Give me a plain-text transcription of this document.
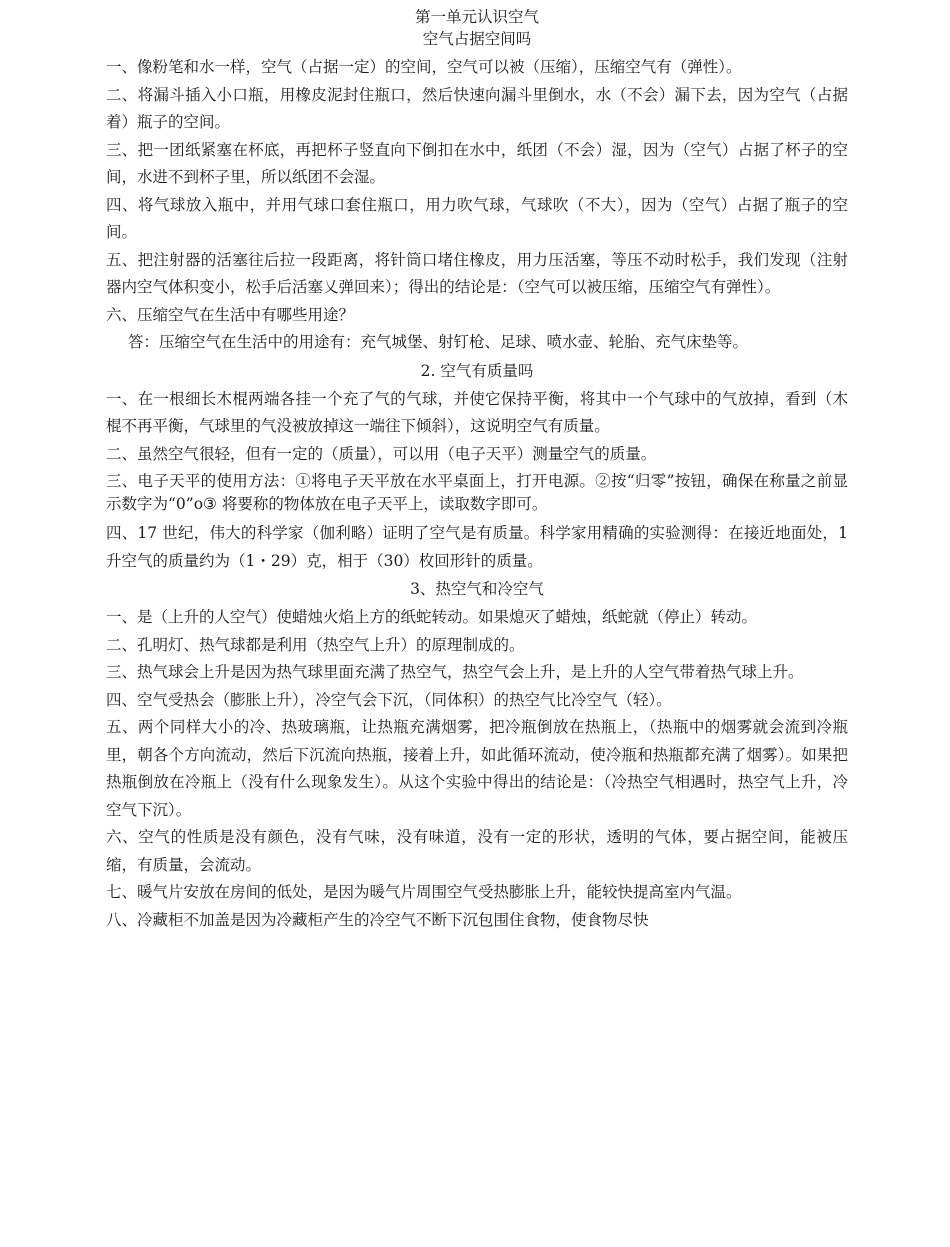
第一单元认识空气

空气占据空间吗

一、像粉笔和水一样，空气（占据一定）的空间，空气可以被（压缩），压缩空气有（弹性）。

二、将漏斗插入小口瓶，用橡皮泥封住瓶口，然后快速向漏斗里倒水，水（不会）漏下去，因为空气（占据着）瓶子的空间。

三、把一团纸紧塞在杯底，再把杯子竖直向下倒扣在水中，纸团（不会）湿，因为（空气）占据了杯子的空间，水进不到杯子里，所以纸团不会湿。

四、将气球放入瓶中，并用气球口套住瓶口，用力吹气球，气球吹（不大），因为（空气）占据了瓶子的空间。

五、把注射器的活塞往后拉一段距离，将针筒口堵住橡皮，用力压活塞，等压不动时松手，我们发现（注射器内空气体积变小，松手后活塞乂弹回来）；得出的结论是：（空气可以被压缩，压缩空气有弹性）。

六、压缩空气在生活中有哪些用途？

答：压缩空气在生活中的用途有：充气城堡、射钉枪、足球、喷水壶、轮胎、充气床垫等。

2. 空气有质量吗

一、在一根细长木棍两端各挂一个充了气的气球，并使它保持平衡，将其中一个气球中的气放掉，看到（木棍不再平衡，气球里的气没被放掉这一端往下倾斜），这说明空气有质量。

二、虽然空气很轻，但有一定的（质量），可以用（电子天平）测量空气的质量。

三、电子天平的使用方法：①将电子天平放在水平桌面上，打开电源。②按“归零”按钮，确保在称量之前显示数字为“0”o③ 将要称的物体放在电子天平上，读取数字即可。

四、17 世纪，伟大的科学家（伽利略）证明了空气是有质量。科学家用精确的实验测得：在接近地面处，1 升空气的质量约为（1・29）克，相于（30）枚回形针的质量。

3、热空气和冷空气

一、是（上升的人空气）使蜡烛火焰上方的纸蛇转动。如果熄灭了蜡烛，纸蛇就（停止）转动。

二、孔明灯、热气球都是利用（热空气上升）的原理制成的。

三、热气球会上升是因为热气球里面充满了热空气，热空气会上升，是上升的人空气带着热气球上升。

四、空气受热会（膨胀上升），冷空气会下沉，（同体积）的热空气比冷空气（轻）。

五、两个同样大小的冷、热玻璃瓶，让热瓶充满烟雾，把冷瓶倒放在热瓶上，（热瓶中的烟雾就会流到冷瓶里，朝各个方向流动，然后下沉流向热瓶，接着上升，如此循环流动，使冷瓶和热瓶都充满了烟雾）。如果把热瓶倒放在冷瓶上（没有什么现象发生）。从这个实验中得出的结论是：（冷热空气相遇时，热空气上升，冷空气下沉）。

六、空气的性质是没有颜色，没有气味，没有味道，没有一定的形状，透明的气体，要占据空间，能被压缩，有质量，会流动。

七、暖气片安放在房间的低处，是因为暖气片周围空气受热膨胀上升，能较快提高室内气温。

八、冷藏柜不加盖是因为冷藏柜产生的冷空气不断下沉包围住食物，使食物尽快
